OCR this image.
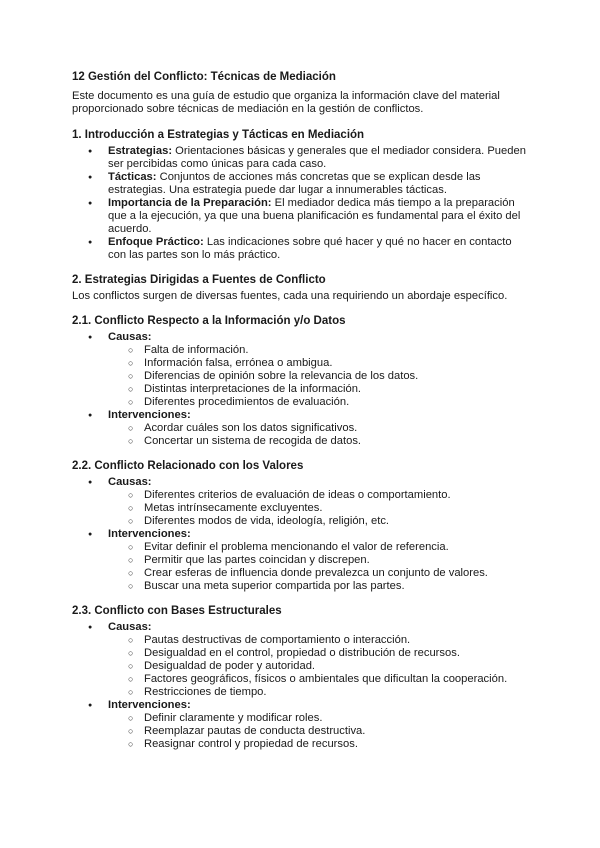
12 Gestión del Conflicto: Técnicas de Mediación

Este documento es una guía de estudio que organiza la información clave del material proporcionado sobre técnicas de mediación en la gestión de conflictos.

1. Introducción a Estrategias y Tácticas en Mediación
● Estrategias: Orientaciones básicas y generales que el mediador considera. Pueden ser percibidas como únicas para cada caso.
● Tácticas: Conjuntos de acciones más concretas que se explican desde las estrategias. Una estrategia puede dar lugar a innumerables tácticas.
● Importancia de la Preparación: El mediador dedica más tiempo a la preparación que a la ejecución, ya que una buena planificación es fundamental para el éxito del acuerdo.
● Enfoque Práctico: Las indicaciones sobre qué hacer y qué no hacer en contacto con las partes son lo más práctico.
2. Estrategias Dirigidas a Fuentes de Conflicto

Los conflictos surgen de diversas fuentes, cada una requiriendo un abordaje específico.

2.1. Conflicto Respecto a la Información y/o Datos
● Causas:
○ Falta de información.
○ Información falsa, errónea o ambigua.
○ Diferencias de opinión sobre la relevancia de los datos.
○ Distintas interpretaciones de la información.
○ Diferentes procedimientos de evaluación.
● Intervenciones:
○ Acordar cuáles son los datos significativos.
○ Concertar un sistema de recogida de datos.
2.2. Conflicto Relacionado con los Valores
● Causas:
○ Diferentes criterios de evaluación de ideas o comportamiento.
○ Metas intrínsecamente excluyentes.
○ Diferentes modos de vida, ideología, religión, etc.
● Intervenciones:
○ Evitar definir el problema mencionando el valor de referencia.
○ Permitir que las partes coincidan y discrepen.
○ Crear esferas de influencia donde prevalezca un conjunto de valores.
○ Buscar una meta superior compartida por las partes.
2.3. Conflicto con Bases Estructurales
● Causas:
○ Pautas destructivas de comportamiento o interacción.
○ Desigualdad en el control, propiedad o distribución de recursos.
○ Desigualdad de poder y autoridad.
○ Factores geográficos, físicos o ambientales que dificultan la cooperación.
○ Restricciones de tiempo.
● Intervenciones:
○ Definir claramente y modificar roles.
○ Reemplazar pautas de conducta destructiva.
○ Reasignar control y propiedad de recursos.
